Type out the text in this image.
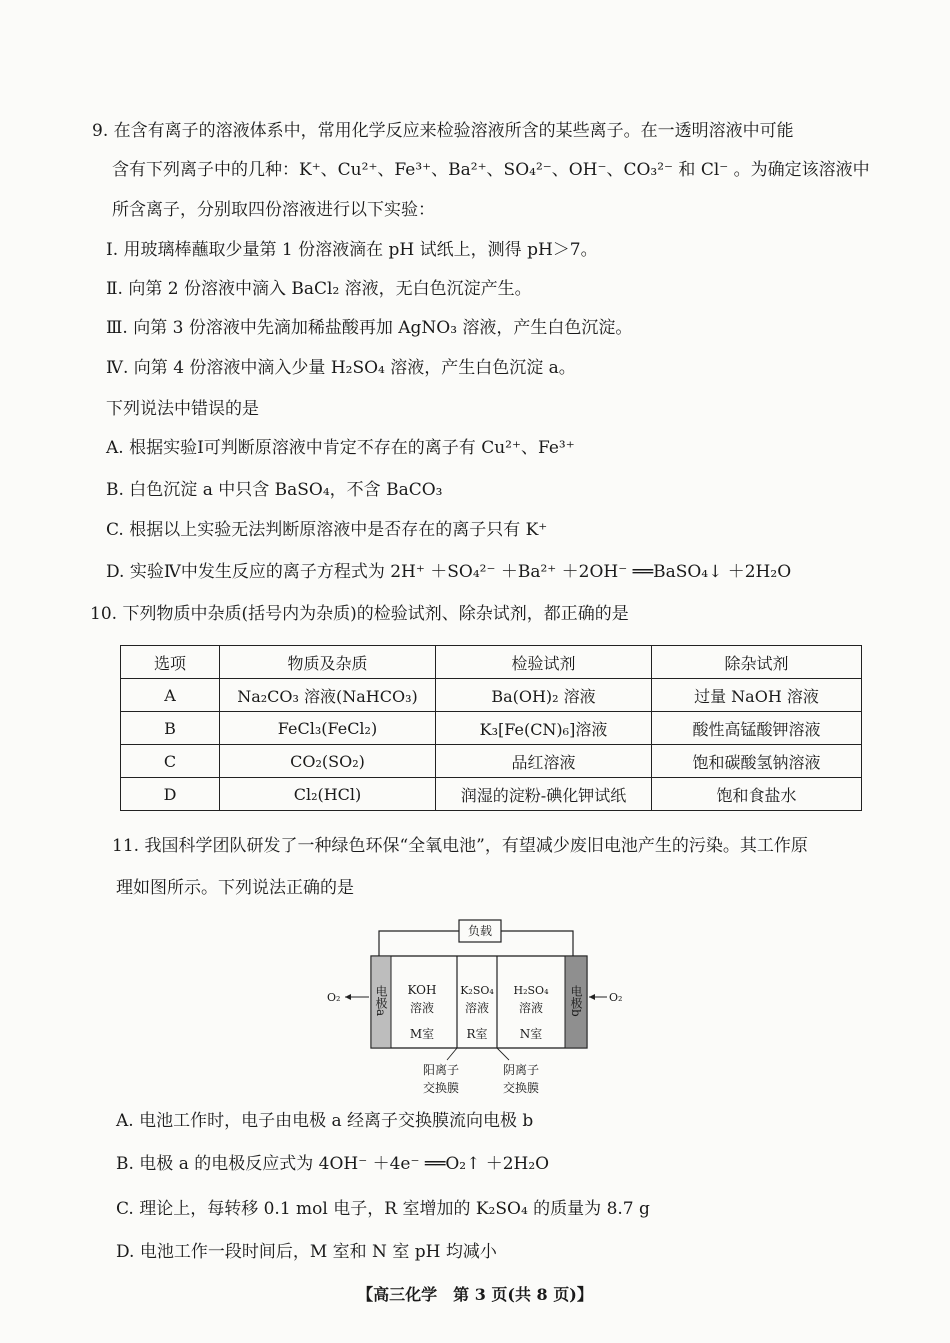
9. 在含有离子的溶液体系中，常用化学反应来检验溶液所含的某些离子。在一透明溶液中可能
含有下列离子中的几种：K⁺、Cu²⁺、Fe³⁺、Ba²⁺、SO₄²⁻、OH⁻、CO₃²⁻ 和 Cl⁻ 。为确定该溶液中
所含离子，分别取四份溶液进行以下实验：
Ⅰ. 用玻璃棒蘸取少量第 1 份溶液滴在 pH 试纸上，测得 pH＞7。
Ⅱ. 向第 2 份溶液中滴入 BaCl₂ 溶液，无白色沉淀产生。
Ⅲ. 向第 3 份溶液中先滴加稀盐酸再加 AgNO₃ 溶液，产生白色沉淀。
Ⅳ. 向第 4 份溶液中滴入少量 H₂SO₄ 溶液，产生白色沉淀 a。
下列说法中错误的是
A. 根据实验Ⅰ可判断原溶液中肯定不存在的离子有 Cu²⁺、Fe³⁺
B. 白色沉淀 a 中只含 BaSO₄，不含 BaCO₃
C. 根据以上实验无法判断原溶液中是否存在的离子只有 K⁺
D. 实验Ⅳ中发生反应的离子方程式为 2H⁺ ＋SO₄²⁻ ＋Ba²⁺ ＋2OH⁻ ══BaSO₄↓ ＋2H₂O
10. 下列物质中杂质(括号内为杂质)的检验试剂、除杂试剂，都正确的是
选项	物质及杂质	检验试剂	除杂试剂
A	Na₂CO₃ 溶液(NaHCO₃)	Ba(OH)₂ 溶液	过量 NaOH 溶液
B	FeCl₃(FeCl₂)	K₃[Fe(CN)₆]溶液	酸性高锰酸钾溶液
C	CO₂(SO₂)	品红溶液	饱和碳酸氢钠溶液
D	Cl₂(HCl)	润湿的淀粉-碘化钾试纸	饱和食盐水
11. 我国科学团队研发了一种绿色环保“全氧电池”，有望减少废旧电池产生的污染。其工作原
理如图所示。下列说法正确的是
负载
电极a	电极b
KOH
溶液
M室
K₂SO₄
溶液
R室
H₂SO₄
溶液
N室
O₂	O₂
阳离子
交换膜
阴离子
交换膜
A. 电池工作时，电子由电极 a 经离子交换膜流向电极 b
B. 电极 a 的电极反应式为 4OH⁻ ＋4e⁻ ══O₂↑ ＋2H₂O
C. 理论上，每转移 0.1 mol 电子，R 室增加的 K₂SO₄ 的质量为 8.7 g
D. 电池工作一段时间后，M 室和 N 室 pH 均减小
【高三化学　第 3 页(共 8 页)】
